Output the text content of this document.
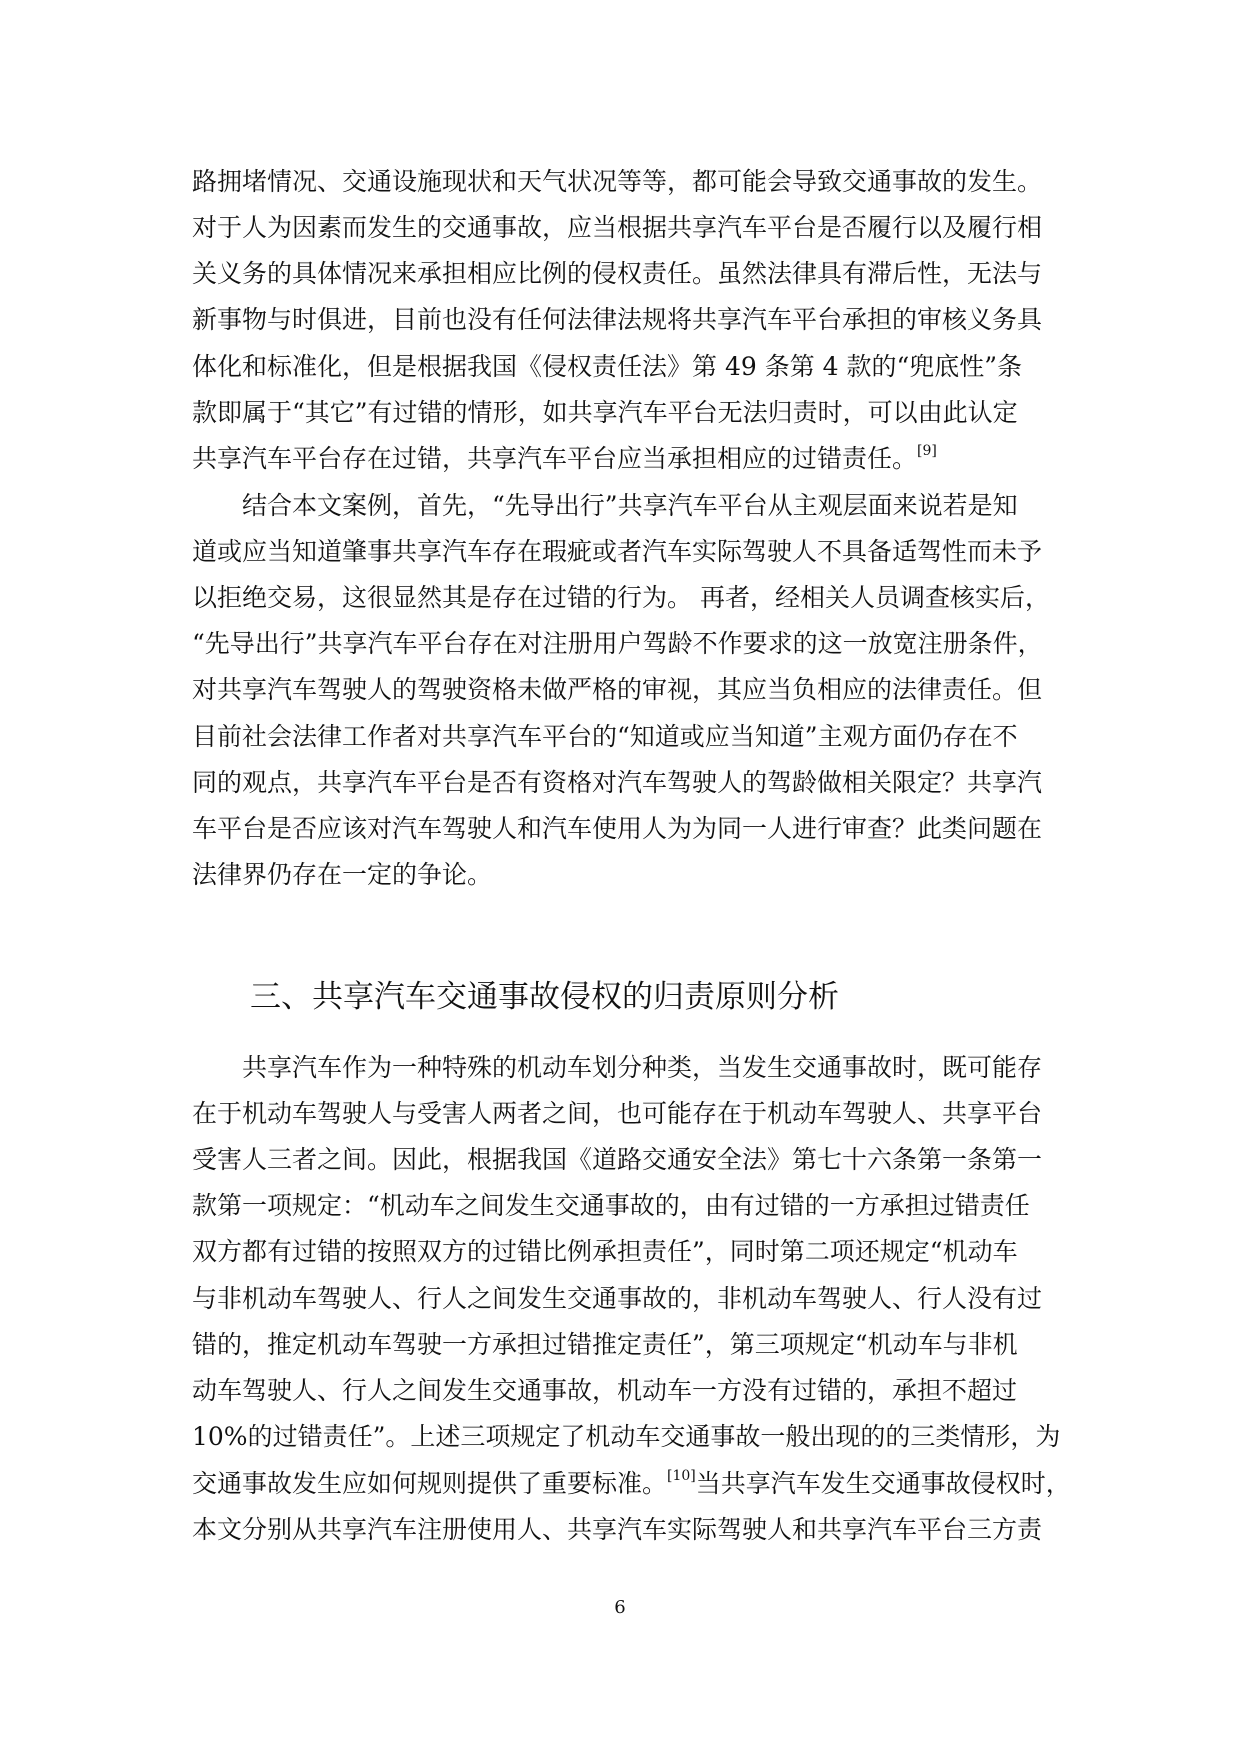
路拥堵情况、交通设施现状和天气状况等等，都可能会导致交通事故的发生。
对于人为因素而发生的交通事故，应当根据共享汽车平台是否履行以及履行相
关义务的具体情况来承担相应比例的侵权责任。虽然法律具有滞后性，无法与
新事物与时俱进，目前也没有任何法律法规将共享汽车平台承担的审核义务具
体化和标准化，但是根据我国《侵权责任法》第 49 条第 4 款的“兜底性”条
款即属于“其它”有过错的情形，如共享汽车平台无法归责时，可以由此认定
共享汽车平台存在过错，共享汽车平台应当承担相应的过错责任。[9]
结合本文案例，首先，“先导出行”共享汽车平台从主观层面来说若是知
道或应当知道肇事共享汽车存在瑕疵或者汽车实际驾驶人不具备适驾性而未予
以拒绝交易，这很显然其是存在过错的行为。 再者，经相关人员调查核实后，
“先导出行”共享汽车平台存在对注册用户驾龄不作要求的这一放宽注册条件，
对共享汽车驾驶人的驾驶资格未做严格的审视，其应当负相应的法律责任。但
目前社会法律工作者对共享汽车平台的“知道或应当知道”主观方面仍存在不
同的观点，共享汽车平台是否有资格对汽车驾驶人的驾龄做相关限定？共享汽
车平台是否应该对汽车驾驶人和汽车使用人为为同一人进行审查？此类问题在
法律界仍存在一定的争论。
三、共享汽车交通事故侵权的归责原则分析
共享汽车作为一种特殊的机动车划分种类，当发生交通事故时，既可能存
在于机动车驾驶人与受害人两者之间，也可能存在于机动车驾驶人、共享平台
受害人三者之间。因此，根据我国《道路交通安全法》第七十六条第一条第一
款第一项规定：“机动车之间发生交通事故的，由有过错的一方承担过错责任
双方都有过错的按照双方的过错比例承担责任”，同时第二项还规定“机动车
与非机动车驾驶人、行人之间发生交通事故的，非机动车驾驶人、行人没有过
错的，推定机动车驾驶一方承担过错推定责任”，第三项规定“机动车与非机
动车驾驶人、行人之间发生交通事故，机动车一方没有过错的，承担不超过
10%的过错责任”。上述三项规定了机动车交通事故一般出现的的三类情形，为
交通事故发生应如何规则提供了重要标准。[10]当共享汽车发生交通事故侵权时，
本文分别从共享汽车注册使用人、共享汽车实际驾驶人和共享汽车平台三方责
6
